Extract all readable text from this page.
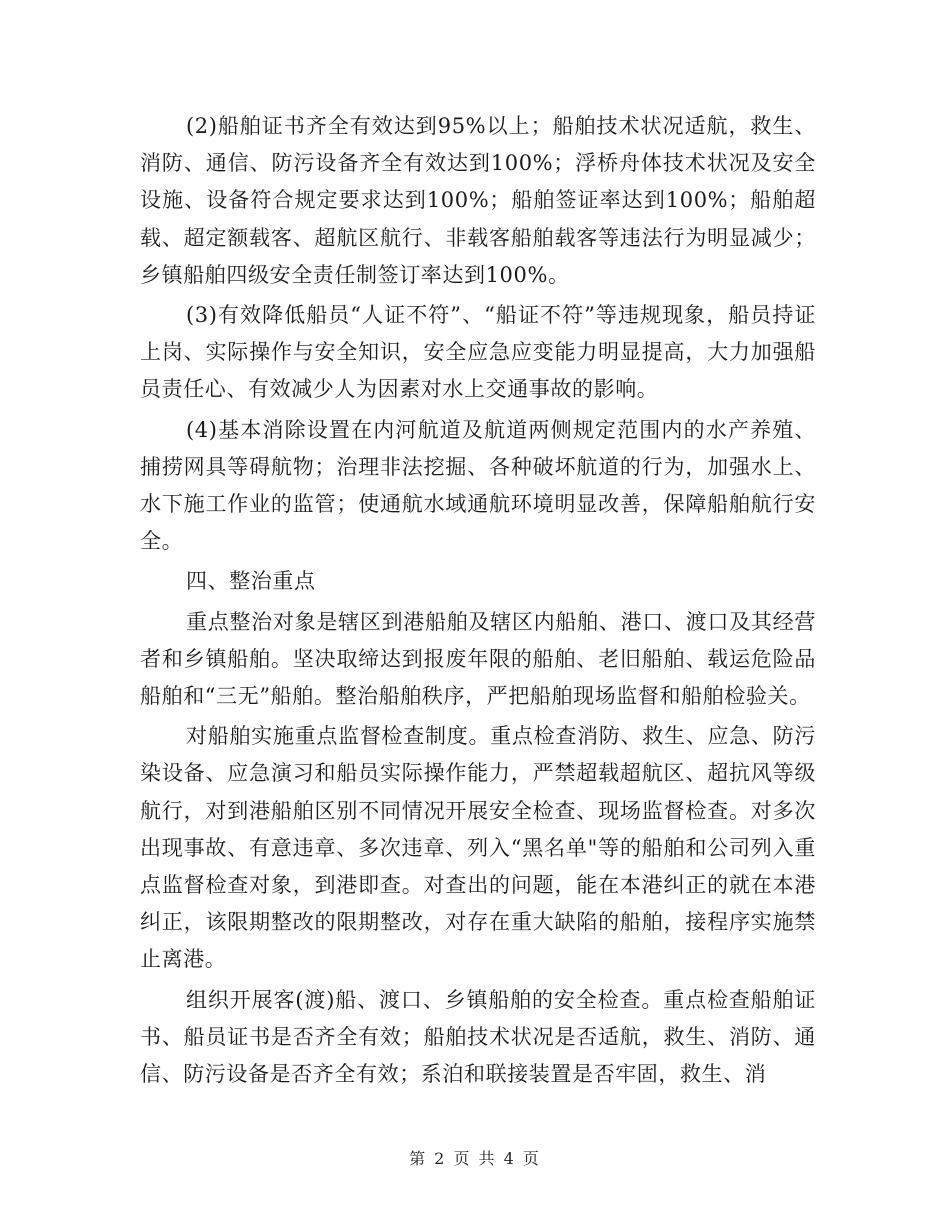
(2)船舶证书齐全有效达到95%以上；船舶技术状况适航，救生、消防、通信、防污设备齐全有效达到100%；浮桥舟体技术状况及安全设施、设备符合规定要求达到100%；船舶签证率达到100%；船舶超载、超定额载客、超航区航行、非载客船舶载客等违法行为明显减少；乡镇船舶四级安全责任制签订率达到100%。

(3)有效降低船员“人证不符”、“船证不符”等违规现象，船员持证上岗、实际操作与安全知识，安全应急应变能力明显提高，大力加强船员责任心、有效减少人为因素对水上交通事故的影响。

(4)基本消除设置在内河航道及航道两侧规定范围内的水产养殖、捕捞网具等碍航物；治理非法挖掘、各种破坏航道的行为，加强水上、水下施工作业的监管；使通航水域通航环境明显改善，保障船舶航行安全。

四、整治重点

重点整治对象是辖区到港船舶及辖区内船舶、港口、渡口及其经营者和乡镇船舶。坚决取缔达到报废年限的船舶、老旧船舶、载运危险品船舶和“三无”船舶。整治船舶秩序，严把船舶现场监督和船舶检验关。

对船舶实施重点监督检查制度。重点检查消防、救生、应急、防污染设备、应急演习和船员实际操作能力，严禁超载超航区、超抗风等级航行，对到港船舶区别不同情况开展安全检查、现场监督检查。对多次出现事故、有意违章、多次违章、列入“黑名单"等的船舶和公司列入重点监督检查对象，到港即查。对查出的问题，能在本港纠正的就在本港纠正，该限期整改的限期整改，对存在重大缺陷的船舶，接程序实施禁止离港。

组织开展客(渡)船、渡口、乡镇船舶的安全检查。重点检查船舶证书、船员证书是否齐全有效；船舶技术状况是否适航，救生、消防、通信、防污设备是否齐全有效；系泊和联接装置是否牢固，救生、消

第 2 页 共 4 页
